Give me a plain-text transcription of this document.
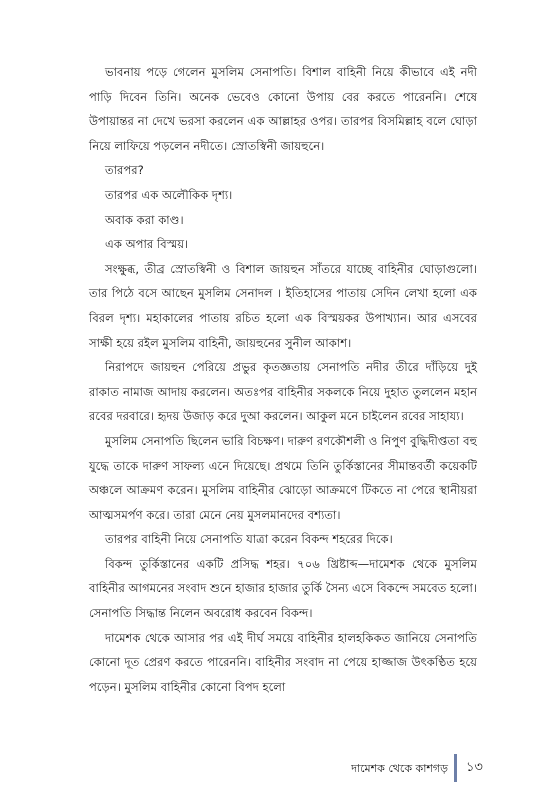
ভাবনায় পড়ে গেলেন মুসলিম সেনাপতি। বিশাল বাহিনী নিয়ে কীভাবে এই নদী পাড়ি দিবেন তিনি। অনেক ভেবেও কোনো উপায় বের করতে পারেননি। শেষে উপায়ান্তর না দেখে ভরসা করলেন এক আল্লাহর ওপর। তারপর বিসমিল্লাহ বলে ঘোড়া নিয়ে লাফিয়ে পড়লেন নদীতে। স্রোতস্বিনী জায়হুনে।

তারপর?

তারপর এক অলৌকিক দৃশ্য।

অবাক করা কাণ্ড।

এক অপার বিস্ময়।

সংক্ষুব্ধ, তীব্র স্রোতস্বিনী ও বিশাল জায়হুন সাঁতরে যাচ্ছে বাহিনীর ঘোড়াগুলো। তার পিঠে বসে আছেন মুসলিম সেনাদল । ইতিহাসের পাতায় সেদিন লেখা হলো এক বিরল দৃশ্য। মহাকালের পাতায় রচিত হলো এক বিস্ময়কর উপাখ্যান। আর এসবের সাক্ষী হয়ে রইল মুসলিম বাহিনী, জায়হুনের সুনীল আকাশ।

নিরাপদে জায়হুন পেরিয়ে প্রভুর কৃতজ্ঞতায় সেনাপতি নদীর তীরে দাঁড়িয়ে দুই রাকাত নামাজ আদায় করলেন। অতঃপর বাহিনীর সকলকে নিয়ে দুহাত তুললেন মহান রবের দরবারে। হৃদয় উজাড় করে দুআ করলেন। আকুল মনে চাইলেন রবের সাহায্য।

মুসলিম সেনাপতি ছিলেন ভারি বিচক্ষণ। দারুণ রণকৌশলী ও নিপুণ বুদ্ধিদীপ্ততা বহু যুদ্ধে তাকে দারুণ সাফল্য এনে দিয়েছে। প্রথমে তিনি তুর্কিস্তানের সীমান্তবর্তী কয়েকটি অঞ্চলে আক্রমণ করেন। মুসলিম বাহিনীর ঝোড়ো আক্রমণে টিকতে না পেরে স্থানীয়রা আত্মসমর্পণ করে। তারা মেনে নেয় মুসলমানদের বশ্যতা।

তারপর বাহিনী নিয়ে সেনাপতি যাত্রা করেন বিকন্দ শহরের দিকে।

বিকন্দ তুর্কিস্তানের একটি প্রসিদ্ধ শহর। ৭০৬ খ্রিষ্টাব্দ—দামেশক থেকে মুসলিম বাহিনীর আগমনের সংবাদ শুনে হাজার হাজার তুর্কি সৈন্য এসে বিকন্দে সমবেত হলো। সেনাপতি সিদ্ধান্ত নিলেন অবরোধ করবেন বিকন্দ।

দামেশক থেকে আসার পর এই দীর্ঘ সময়ে বাহিনীর হালহকিকত জানিয়ে সেনাপতি কোনো দূত প্রেরণ করতে পারেননি। বাহিনীর সংবাদ না পেয়ে হাজ্জাজ উৎকণ্ঠিত হয়ে পড়েন। মুসলিম বাহিনীর কোনো বিপদ হলো

দামেশক থেকে কাশগড় ১৩
